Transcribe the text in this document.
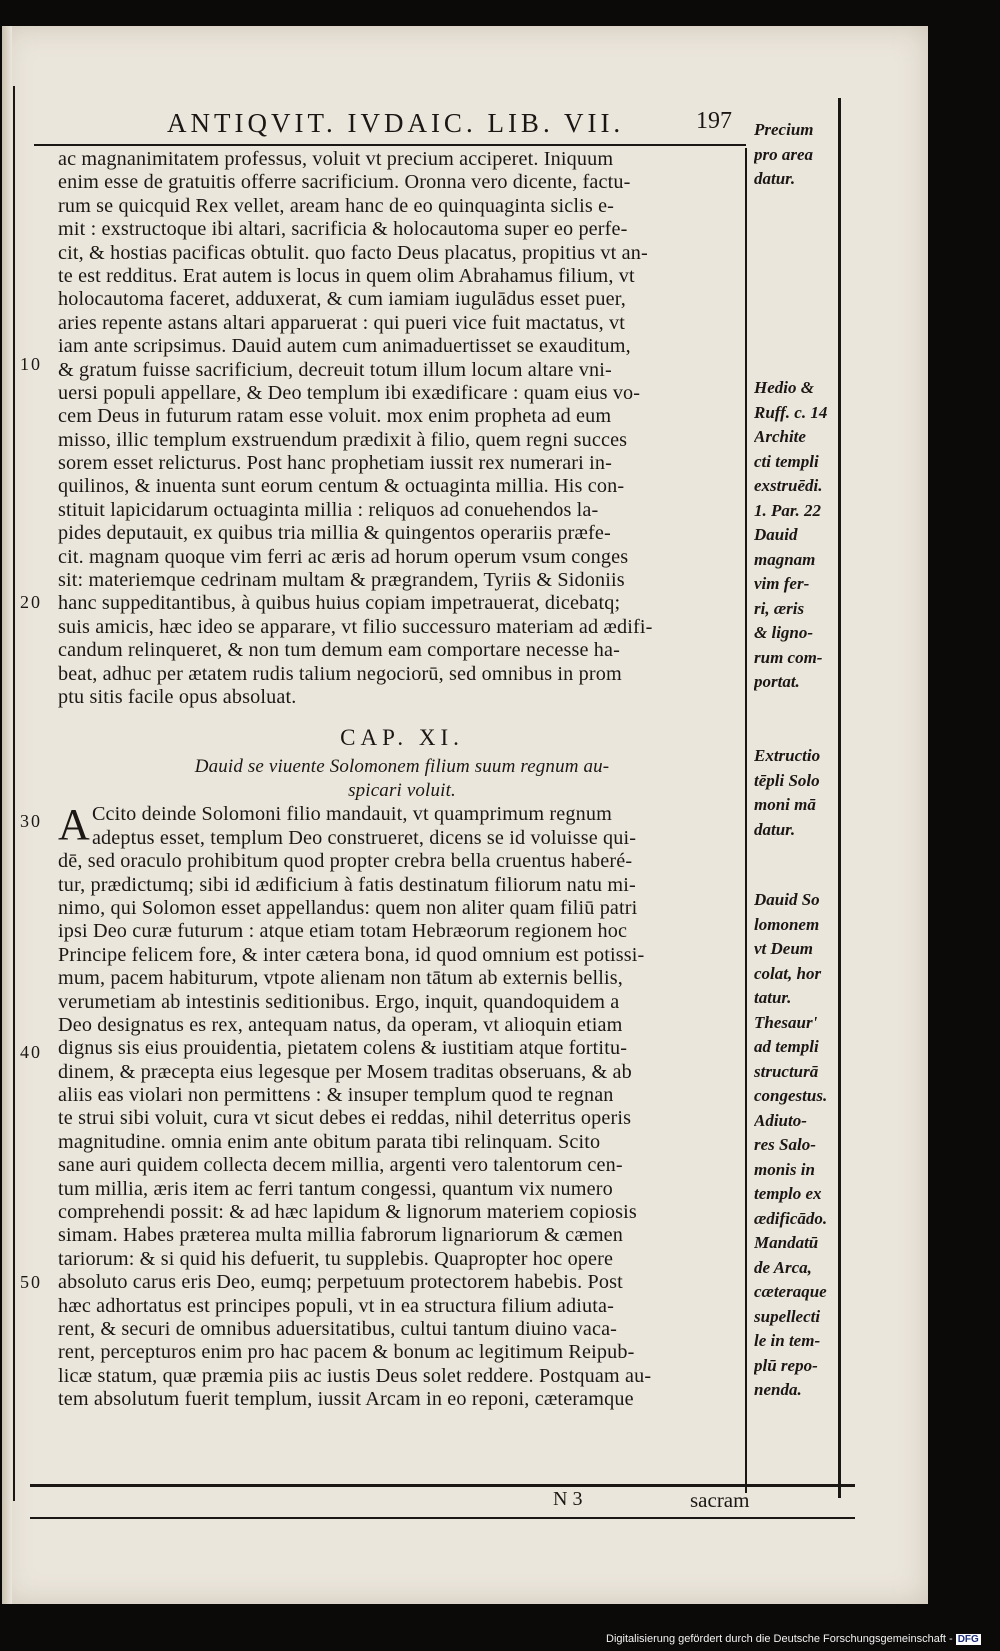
ANTIQVIT. IVDAIC. LIB. VII.	197
10
20
30
40
50
ac magnanimitatem professus, voluit vt precium acciperet. Iniquum
enim esse de gratuitis offerre sacrificium. Oronna vero dicente, factu-
rum se quicquid Rex vellet, aream hanc de eo quinquaginta siclis e-
mit : exstructoque ibi altari, sacrificia & holocautoma super eo perfe-
cit, & hostias pacificas obtulit. quo facto Deus placatus, propitius vt an-
te est redditus. Erat autem is locus in quem olim Abrahamus filium, vt
holocautoma faceret, adduxerat, & cum iamiam iugulādus esset puer,
aries repente astans altari apparuerat : qui pueri vice fuit mactatus, vt
iam ante scripsimus. Dauid autem cum animaduertisset se exauditum,
& gratum fuisse sacrificium, decreuit totum illum locum altare vni-
uersi populi appellare, & Deo templum ibi exædificare : quam eius vo-
cem Deus in futurum ratam esse voluit. mox enim propheta ad eum
misso, illic templum exstruendum prædixit à filio, quem regni succes
sorem esset relicturus. Post hanc prophetiam iussit rex numerari in-
quilinos, & inuenta sunt eorum centum & octuaginta millia. His con-
stituit lapicidarum octuaginta millia : reliquos ad conuehendos la-
pides deputauit, ex quibus tria millia & quingentos operariis præfe-
cit. magnam quoque vim ferri ac æris ad horum operum vsum conges
sit: materiemque cedrinam multam & prægrandem, Tyriis & Sidoniis
hanc suppeditantibus, à quibus huius copiam impetrauerat, dicebatq;
suis amicis, hæc ideo se apparare, vt filio successuro materiam ad ædifi-
candum relinqueret, & non tum demum eam comportare necesse ha-
beat, adhuc per ætatem rudis talium negociorū, sed omnibus in prom
ptu sitis facile opus absoluat.
CAP. XI.
Dauid se viuente Solomonem filium suum regnum au-
spicari voluit.
A Ccito deinde Solomoni filio mandauit, vt quamprimum regnum
adeptus esset, templum Deo construeret, dicens se id voluisse qui-
dē, sed oraculo prohibitum quod propter crebra bella cruentus haberé-
tur, prædictumq; sibi id ædificium à fatis destinatum filiorum natu mi-
nimo, qui Solomon esset appellandus: quem non aliter quam filiū patri
ipsi Deo curæ futurum : atque etiam totam Hebræorum regionem hoc
Principe felicem fore, & inter cætera bona, id quod omnium est potissi-
mum, pacem habiturum, vtpote alienam non tātum ab externis bellis,
verumetiam ab intestinis seditionibus. Ergo, inquit, quandoquidem a
Deo designatus es rex, antequam natus, da operam, vt alioquin etiam
dignus sis eius prouidentia, pietatem colens & iustitiam atque fortitu-
dinem, & præcepta eius legesque per Mosem traditas obseruans, & ab
aliis eas violari non permittens : & insuper templum quod te regnan
te strui sibi voluit, cura vt sicut debes ei reddas, nihil deterritus operis
magnitudine. omnia enim ante obitum parata tibi relinquam. Scito
sane auri quidem collecta decem millia, argenti vero talentorum cen-
tum millia, æris item ac ferri tantum congessi, quantum vix numero
comprehendi possit: & ad hæc lapidum & lignorum materiem copiosis
simam. Habes præterea multa millia fabrorum lignariorum & cæmen
tariorum: & si quid his defuerit, tu supplebis. Quapropter hoc opere
absoluto carus eris Deo, eumq; perpetuum protectorem habebis. Post
hæc adhortatus est principes populi, vt in ea structura filium adiuta-
rent, & securi de omnibus aduersitatibus, cultui tantum diuino vaca-
rent, percepturos enim pro hac pacem & bonum ac legitimum Reipub-
licæ statum, quæ præmia piis ac iustis Deus solet reddere. Postquam au-
tem absolutum fuerit templum, iussit Arcam in eo reponi, cæteramque
Precium
pro area
datur.
Hedio &
Ruff. c. 14
Archite
cti templi
exstruēdi.
1. Par. 22
Dauid
magnam
vim fer-
ri, æris
& ligno-
rum com-
portat.
Extructio
tēpli Solo
moni mā
datur.
Dauid So
lomonem
vt Deum
colat, hor
tatur.
Thesaur'
ad templi
structurā
congestus.
Adiuto-
res Salo-
monis in
templo ex
ædificādo.
Mandatū
de Arca,
cæteraque
supellecti
le in tem-
plū repo-
nenda.
N 3	sacram
Digitalisierung gefördert durch die Deutsche Forschungsgemeinschaft - DFG
